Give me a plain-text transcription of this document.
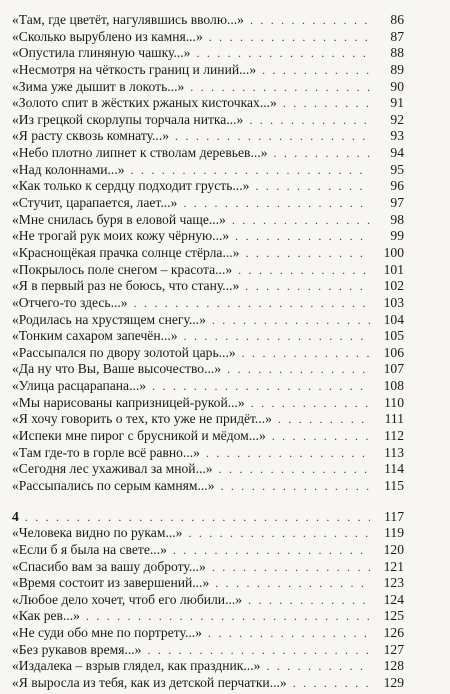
«Там, где цветёт, нагулявшись вволю...» . . .	86
«Сколько вырублено из камня...» . . .	87
«Опустила глиняную чашку...» . . .	88
«Несмотря на чёткость границ и линий...» . . .	89
«Зима уже дышит в локоть...» . . .	90
«Золото спит в жёстких ржаных кисточках...» . . .	91
«Из грецкой скорлупы торчала нитка...» . . .	92
«Я расту сквозь комнату...» . . .	93
«Небо плотно липнет к стволам деревьев...» . . .	94
«Над колоннами...» . . .	95
«Как только к сердцу подходит грусть...» . . .	96
«Стучит, царапается, лает...» . . .	97
«Мне снилась буря в еловой чаще...» . . .	98
«Не трогай рук моих кожу чёрную...» . . .	99
«Краснощёкая прачка солнце стёрла...» . . .	100
«Покрылось поле снегом – красота...» . . .	101
«Я в первый раз не боюсь, что стану...» . . .	102
«Отчего-то здесь...» . . .	103
«Родилась на хрустящем снегу...» . . .	104
«Тонким сахаром запечён...» . . .	105
«Рассыпался по двору золотой царь...» . . .	106
«Да ну что Вы, Ваше высочество...» . . .	107
«Улица расцарапана...» . . .	108
«Мы нарисованы капризницей-рукой...» . . .	110
«Я хочу говорить о тех, кто уже не придёт...» . . .	111
«Испеки мне пирог с брусникой и мёдом...» . . .	112
«Там где-то в горле всё равно...» . . .	113
«Сегодня лес ухаживал за мной...» . . .	114
«Рассыпались по серым камням...» . . .	115
4 . . .	117
«Человека видно по рукам...» . . .	119
«Если б я была на свете...» . . .	120
«Спасибо вам за вашу доброту...» . . .	121
«Время состоит из завершений...» . . .	123
«Любое дело хочет, чтоб его любили...» . . .	124
«Как рев...» . . .	125
«Не суди обо мне по портрету...» . . .	126
«Без рукавов время...» . . .	127
«Издалека – взрыв глядел, как праздник...» . . .	128
«Я выросла из тебя, как из детской перчатки...» . . .	129
